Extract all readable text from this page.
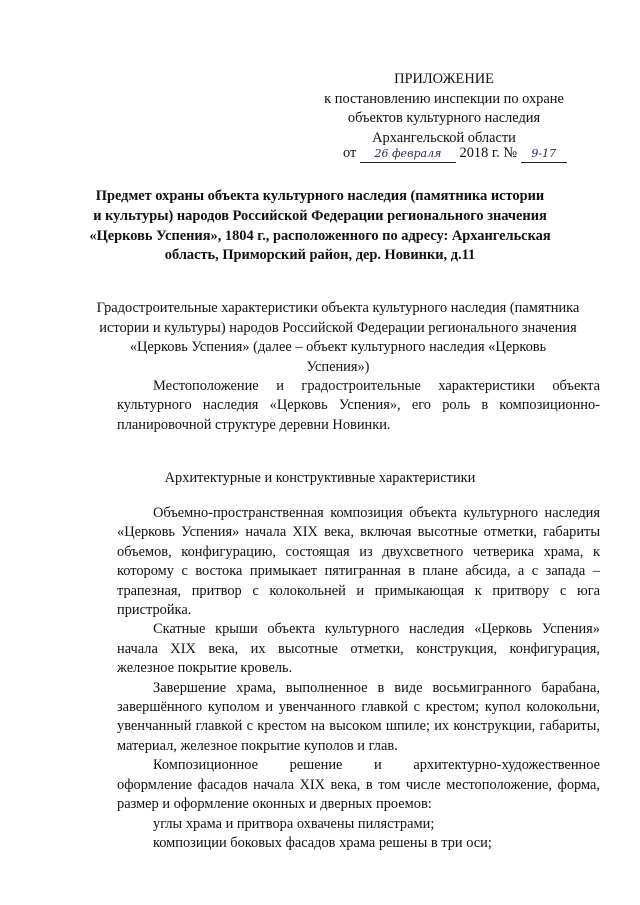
ПРИЛОЖЕНИЕ
к постановлению инспекции по охране
объектов культурного наследия
Архангельской области
от 26 февраля 2018 г. № 9-17
Предмет охраны объекта культурного наследия (памятника истории
и культуры) народов Российской Федерации регионального значения
«Церковь Успения», 1804 г., расположенного по адресу: Архангельская
область, Приморский район, дер. Новинки, д.11
Градостроительные характеристики объекта культурного наследия (памятника
истории и культуры) народов Российской Федерации регионального значения
«Церковь Успения» (далее – объект культурного наследия «Церковь
Успения»)
Местоположение и градостроительные характеристики объекта
культурного наследия «Церковь Успения», его роль в композиционно-
планировочной структуре деревни Новинки.
Архитектурные и конструктивные характеристики
Объемно-пространственная композиция объекта культурного наследия
«Церковь Успения» начала XIX века, включая высотные отметки, габариты
объемов, конфигурацию, состоящая из двухсветного четверика храма, к
которому с востока примыкает пятигранная в плане абсида, а с запада –
трапезная, притвор с колокольней и примыкающая к притвору с юга
пристройка.
Скатные крыши объекта культурного наследия «Церковь Успения»
начала XIX века, их высотные отметки, конструкция, конфигурация,
железное покрытие кровель.
Завершение храма, выполненное в виде восьмигранного барабана,
завершённого куполом и увенчанного главкой с крестом; купол колокольни,
увенчанный главкой с крестом на высоком шпиле; их конструкции, габариты,
материал, железное покрытие куполов и глав.
Композиционное решение и архитектурно-художественное
оформление фасадов начала XIX века, в том числе местоположение, форма,
размер и оформление оконных и дверных проемов:
углы храма и притвора охвачены пилястрами;
композиции боковых фасадов храма решены в три оси;
